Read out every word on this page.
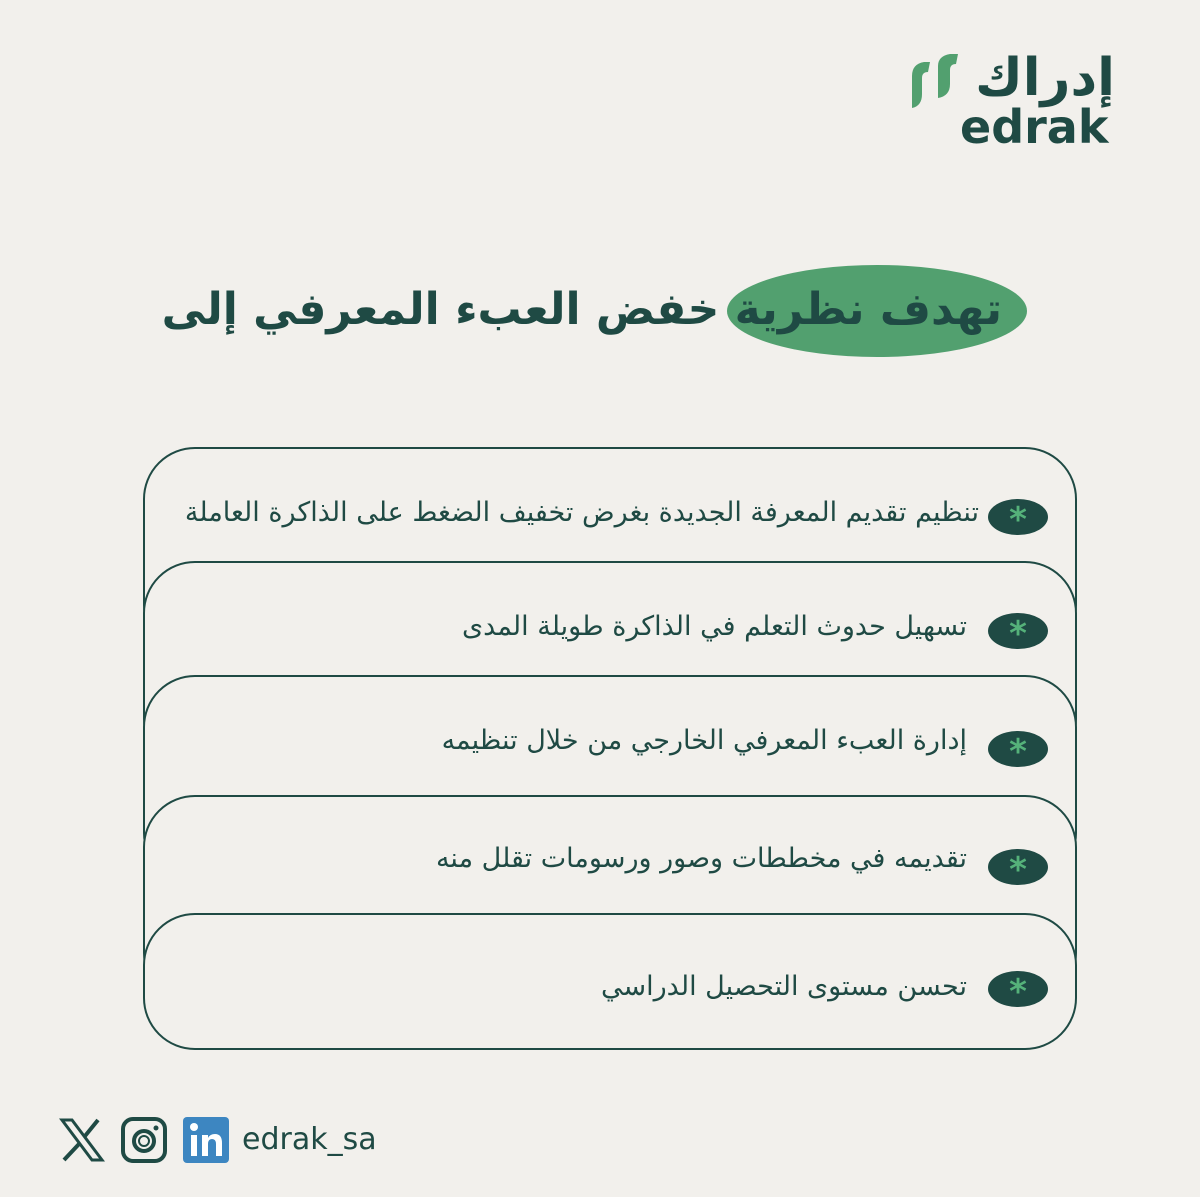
إدراك
edrak
تهدف نظرية خفض العبء المعرفي إلى
*
تنظيم تقديم المعرفة الجديدة بغرض تخفيف الضغط على الذاكرة العاملة
*
تسهيل حدوث التعلم في الذاكرة طويلة المدى
*
إدارة العبء المعرفي الخارجي من خلال تنظيمه
*
تقديمه في مخططات وصور ورسومات تقلل منه
*
تحسن مستوى التحصيل الدراسي
edrak_sa
